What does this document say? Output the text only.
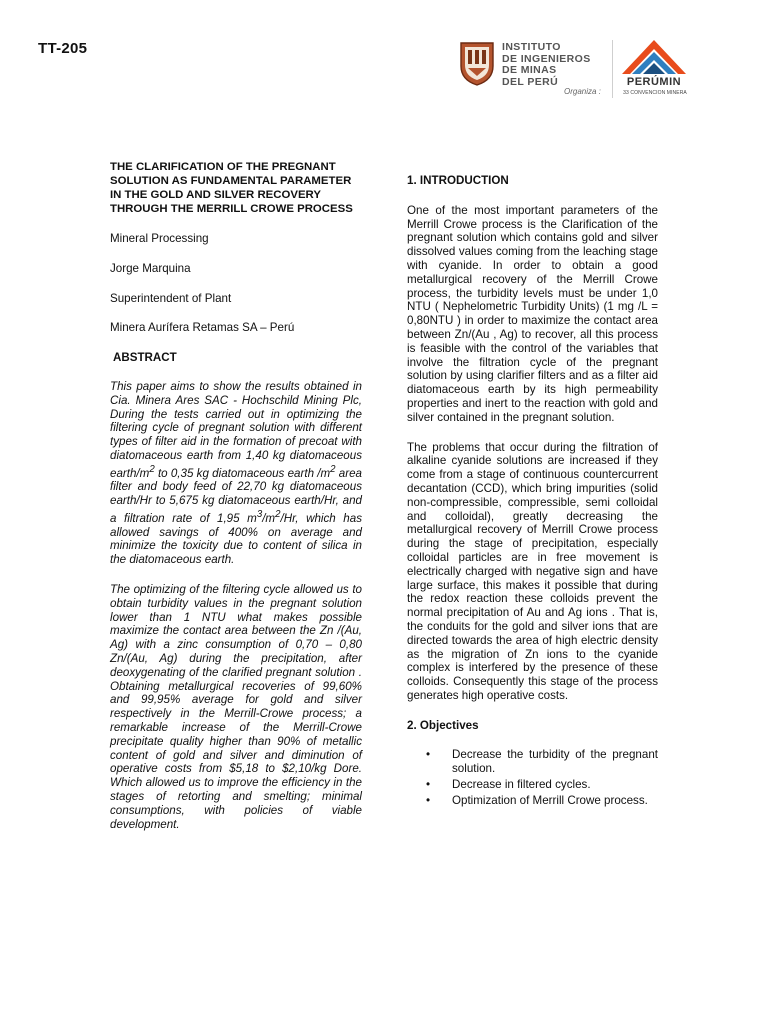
TT-205	INSTITUTO
DE INGENIEROS
DE MINAS
DEL PERÚ
Organiza :
PERÚMIN
33 CONVENCION MINERA

THE CLARIFICATION OF THE PREGNANT SOLUTION AS FUNDAMENTAL PARAMETER IN THE GOLD AND SILVER RECOVERY THROUGH THE MERRILL CROWE PROCESS

Mineral Processing

Jorge Marquina

Superintendent of Plant

Minera Aurífera Retamas SA – Perú

ABSTRACT

This paper aims to show the results obtained in Cia. Minera Ares SAC - Hochschild Mining Plc, During the tests carried out in optimizing the filtering cycle of pregnant solution with different types of filter aid in the formation of precoat with diatomaceous earth from 1,40 kg diatomaceous earth/$m^2$ to 0,35 kg diatomaceous earth $/m^2$ area filter and body feed of 22,70 kg diatomaceous earth/Hr to 5,675 kg diatomaceous earth/Hr, and a filtration rate of 1,95 $m^3/m^2/Hr$, which has allowed savings of 400% on average and minimize the toxicity due to content of silica in the diatomaceous earth.

The optimizing of the filtering cycle allowed us to obtain turbidity values in the pregnant solution lower than 1 NTU what makes possible maximize the contact area between the Zn /(Au, Ag) with a zinc consumption of 0,70 – 0,80 Zn/(Au, Ag) during the precipitation, after deoxygenating of the clarified pregnant solution . Obtaining metallurgical recoveries of 99,60% and 99,95% average for gold and silver respectively in the Merrill-Crowe process; a remarkable increase of the Merrill-Crowe precipitate quality higher than 90% of metallic content of gold and silver and diminution of operative costs from $5,18 to $2,10/kg Dore. Which allowed us to improve the efficiency in the stages of retorting and smelting; minimal consumptions, with policies of viable development.

1. INTRODUCTION

One of the most important parameters of the Merrill Crowe process is the Clarification of the pregnant solution which contains gold and silver dissolved values coming from the leaching stage with cyanide. In order to obtain a good metallurgical recovery of the Merrill Crowe process, the turbidity levels must be under 1,0 NTU ( Nephelometric Turbidity Units) (1 mg /L = 0,80NTU ) in order to maximize the contact area between Zn/(Au , Ag) to recover, all this process is feasible with the control of the variables that involve the filtration cycle of the pregnant solution by using clarifier filters and as a filter aid diatomaceous earth by its high permeability properties and inert to the reaction with gold and silver contained in the pregnant solution.

The problems that occur during the filtration of alkaline cyanide solutions are increased if they come from a stage of continuous countercurrent decantation (CCD), which bring impurities (solid non-compressible, compressible, semi colloidal and colloidal), greatly decreasing the metallurgical recovery of Merrill Crowe process during the stage of precipitation, especially colloidal particles are in free movement is electrically charged with negative sign and have large surface, this makes it possible that during the redox reaction these colloids prevent the normal precipitation of Au and Ag ions . That is, the conduits for the gold and silver ions that are directed towards the area of high electric density as the migration of Zn ions to the cyanide complex is interfered by the presence of these colloids. Consequently this stage of the process generates high operative costs.

2. Objectives

• Decrease the turbidity of the pregnant solution.
• Decrease in filtered cycles.
• Optimization of Merrill Crowe process.
